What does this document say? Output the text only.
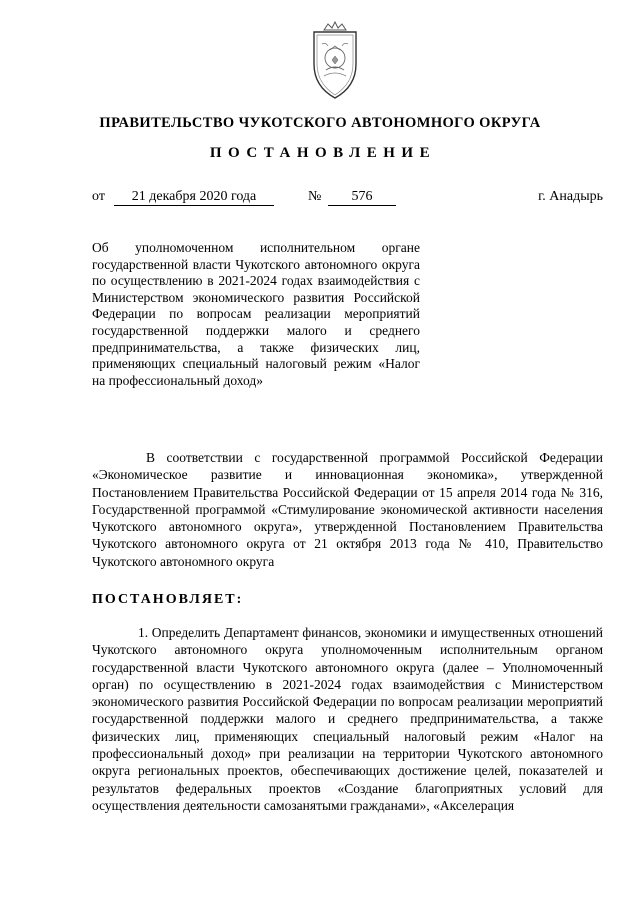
ПРАВИТЕЛЬСТВО ЧУКОТСКОГО АВТОНОМНОГО ОКРУГА
ПОСТАНОВЛЕНИЕ
от	21 декабря 2020 года	№	576	г. Анадырь

Об уполномоченном исполнительном органе государственной власти Чукотского автономного округа по осуществлению в 2021-2024 годах взаимодействия с Министерством экономического развития Российской Федерации по вопросам реализации мероприятий государственной поддержки малого и среднего предпринимательства, а также физических лиц, применяющих специальный налоговый режим «Налог на профессиональный доход»

В соответствии с государственной программой Российской Федерации «Экономическое развитие и инновационная экономика», утвержденной Постановлением Правительства Российской Федерации от 15 апреля 2014 года № 316, Государственной программой «Стимулирование экономической активности населения Чукотского автономного округа», утвержденной Постановлением Правительства Чукотского автономного округа от 21 октября 2013 года № 410, Правительство Чукотского автономного округа

ПОСТАНОВЛЯЕТ:

1. Определить Департамент финансов, экономики и имущественных отношений Чукотского автономного округа уполномоченным исполнительным органом государственной власти Чукотского автономного округа (далее – Уполномоченный орган) по осуществлению в 2021-2024 годах взаимодействия с Министерством экономического развития Российской Федерации по вопросам реализации мероприятий государственной поддержки малого и среднего предпринимательства, а также физических лиц, применяющих специальный налоговый режим «Налог на профессиональный доход» при реализации на территории Чукотского автономного округа региональных проектов, обеспечивающих достижение целей, показателей и результатов федеральных проектов «Создание благоприятных условий для осуществления деятельности самозанятыми гражданами», «Акселерация
